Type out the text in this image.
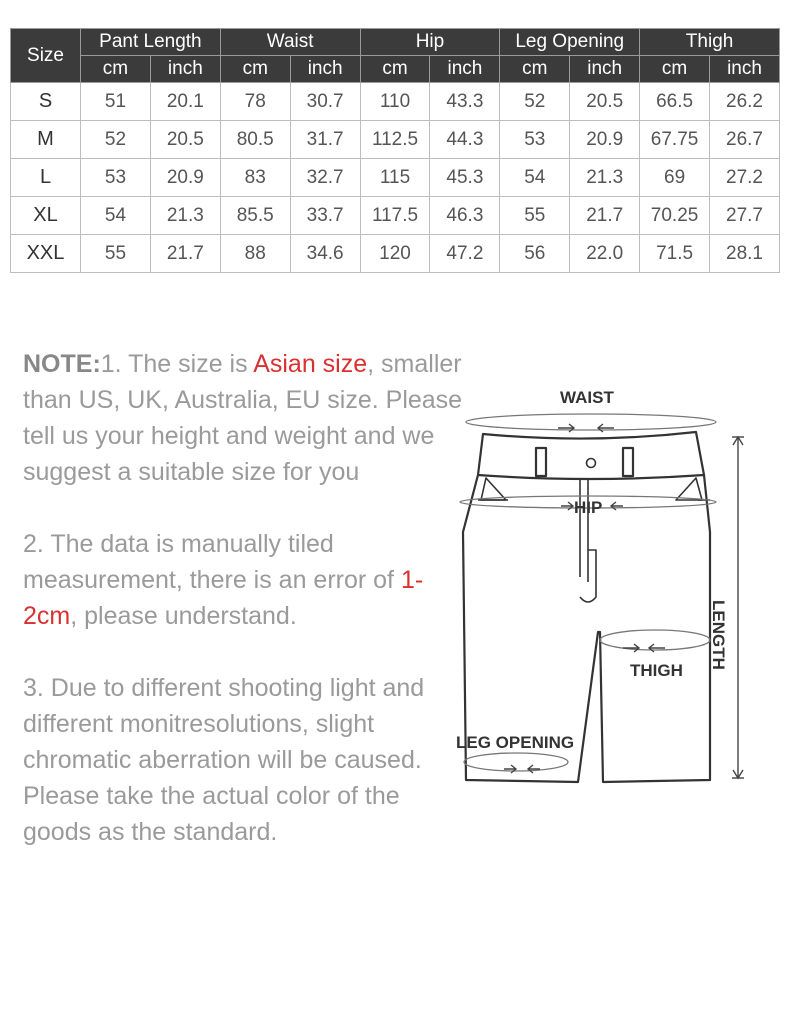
Size	Pant Length		Waist		Hip		Leg Opening		Thigh	
	cm	inch	cm	inch	cm	inch	cm	inch	cm	inch
S	51	20.1	78	30.7	110	43.3	52	20.5	66.5	26.2
M	52	20.5	80.5	31.7	112.5	44.3	53	20.9	67.75	26.7
L	53	20.9	83	32.7	115	45.3	54	21.3	69	27.2
XL	54	21.3	85.5	33.7	117.5	46.3	55	21.7	70.25	27.7
XXL	55	21.7	88	34.6	120	47.2	56	22.0	71.5	28.1

NOTE:1. The size is Asian size, smaller than US, UK, Australia, EU size. Please tell us your height and weight and we suggest a suitable size for you

2. The data is manually tiled measurement, there is an error of 1-2cm, please understand.

3. Due to different shooting light and different monitresolutions, slight chromatic aberration will be caused. Please take the actual color of the goods as the standard.

WAIST
HIP
THIGH
LEG OPENING
LENGTH
